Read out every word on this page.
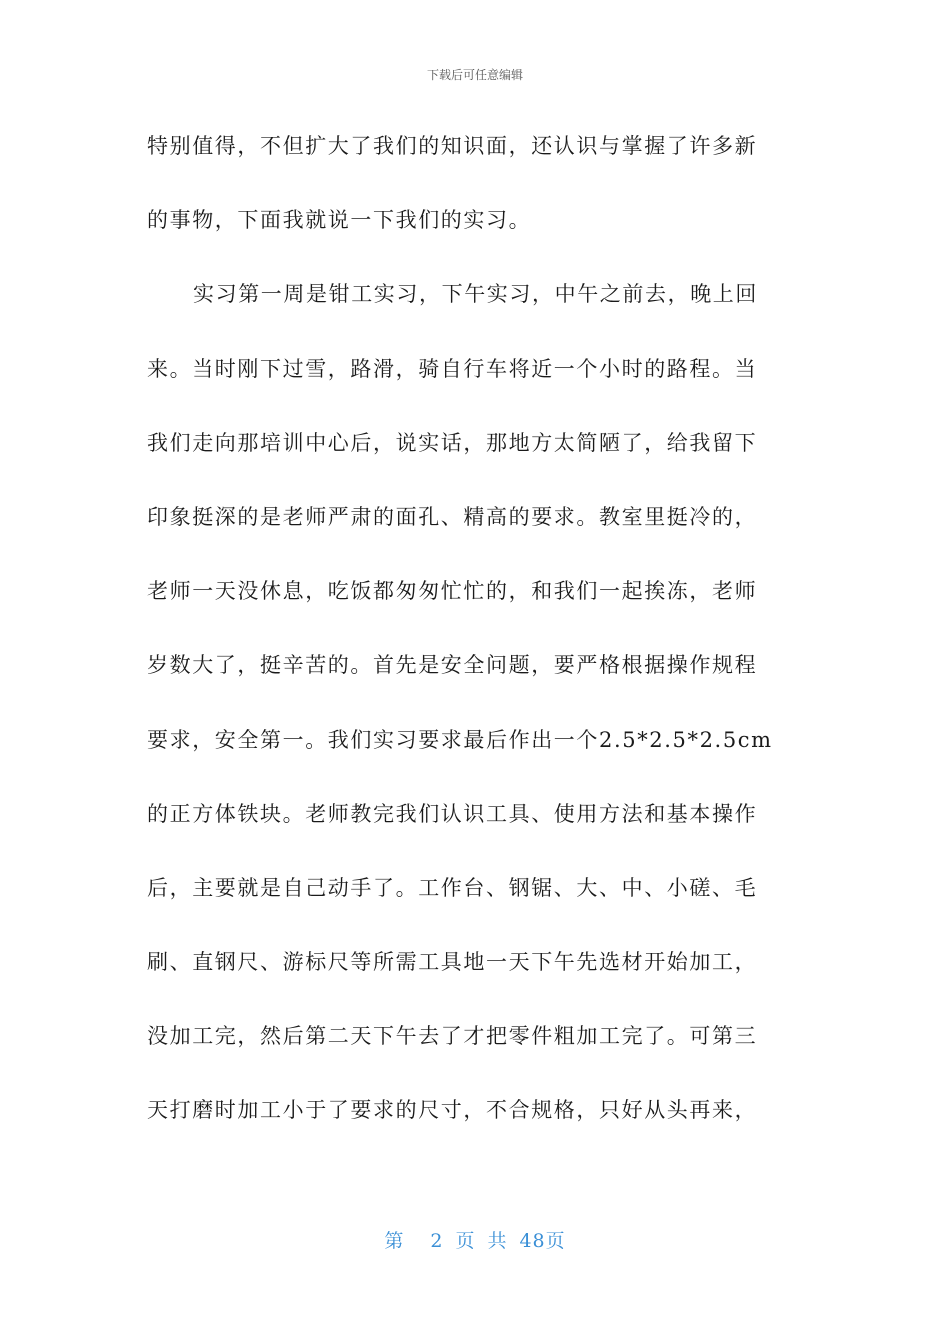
下载后可任意编辑
特别值得，不但扩大了我们的知识面，还认识与掌握了许多新
的事物，下面我就说一下我们的实习。
实习第一周是钳工实习，下午实习，中午之前去，晚上回
来。当时刚下过雪，路滑，骑自行车将近一个小时的路程。当
我们走向那培训中心后，说实话，那地方太简陋了，给我留下
印象挺深的是老师严肃的面孔、精高的要求。教室里挺冷的，
老师一天没休息，吃饭都匆匆忙忙的，和我们一起挨冻，老师
岁数大了，挺辛苦的。首先是安全问题，要严格根据操作规程
要求，安全第一。我们实习要求最后作出一个2.5*2.5*2.5cm
的正方体铁块。老师教完我们认识工具、使用方法和基本操作
后，主要就是自己动手了。工作台、钢锯、大、中、小磋、毛
刷、直钢尺、游标尺等所需工具地一天下午先选材开始加工，
没加工完，然后第二天下午去了才把零件粗加工完了。可第三
天打磨时加工小于了要求的尺寸，不合规格，只好从头再来，
第 2 页 共 48页
